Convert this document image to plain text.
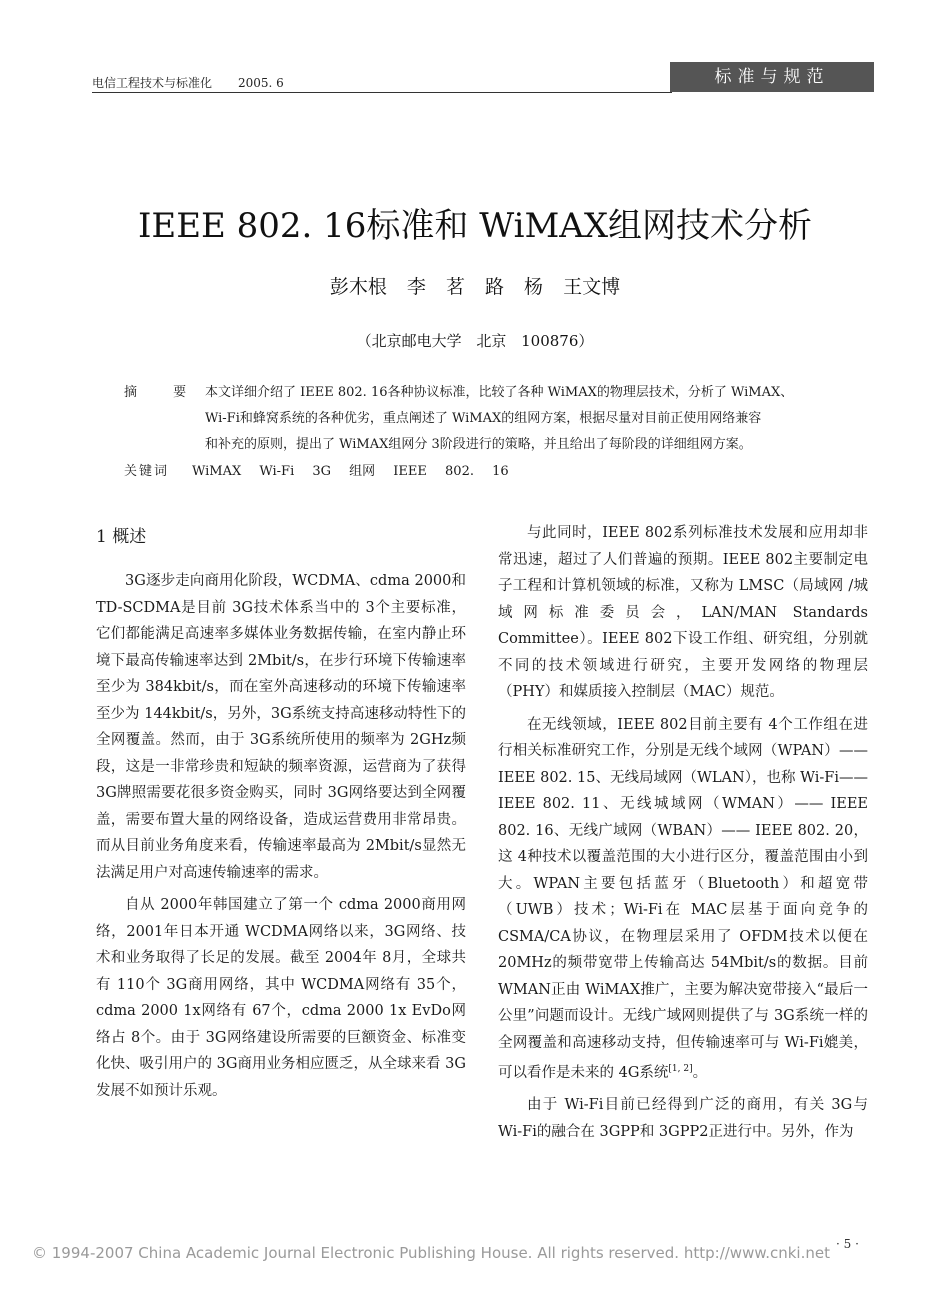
电信工程技术与标准化 2005. 6	标准与规范
IEEE 802. 16标准和 WiMAX组网技术分析
彭木根 李 茗 路 杨 王文博
（北京邮电大学 北京 100876）
摘 要 本文详细介绍了 IEEE 802. 16各种协议标准，比较了各种 WiMAX的物理层技术，分析了 WiMAX、
Wi-Fi和蜂窝系统的各种优劣，重点阐述了 WiMAX的组网方案，根据尽量对目前正使用网络兼容
和补充的原则，提出了 WiMAX组网分 3阶段进行的策略，并且给出了每阶段的详细组网方案。
关键词 WiMAX Wi-Fi 3G 组网 IEEE 802. 16
1 概述

3G逐步走向商用化阶段，WCDMA、cdma 2000和 TD-SCDMA是目前 3G技术体系当中的 3个主要标准，它们都能满足高速率多媒体业务数据传输，在室内静止环境下最高传输速率达到 2Mbit/s，在步行环境下传输速率至少为 384kbit/s，而在室外高速移动的环境下传输速率至少为 144kbit/s，另外，3G系统支持高速移动特性下的全网覆盖。然而，由于 3G系统所使用的频率为 2GHz频段，这是一非常珍贵和短缺的频率资源，运营商为了获得 3G牌照需要花很多资金购买，同时 3G网络要达到全网覆盖，需要布置大量的网络设备，造成运营费用非常昂贵。而从目前业务角度来看，传输速率最高为 2Mbit/s显然无法满足用户对高速传输速率的需求。

自从 2000年韩国建立了第一个 cdma 2000商用网络，2001年日本开通 WCDMA网络以来，3G网络、技术和业务取得了长足的发展。截至 2004年 8月，全球共有 110个 3G商用网络，其中 WCDMA网络有 35个，cdma 2000 1x网络有 67个，cdma 2000 1x EvDo网络占 8个。由于 3G网络建设所需要的巨额资金、标准变化快、吸引用户的 3G商用业务相应匮乏，从全球来看 3G发展不如预计乐观。

与此同时，IEEE 802系列标准技术发展和应用却非常迅速，超过了人们普遍的预期。IEEE 802主要制定电子工程和计算机领域的标准，又称为 LMSC（局域网 /城域网标准委员会，LAN/MAN Standards Committee）。IEEE 802下设工作组、研究组，分别就不同的技术领域进行研究，主要开发网络的物理层（PHY）和媒质接入控制层（MAC）规范。

在无线领域，IEEE 802目前主要有 4个工作组在进行相关标准研究工作，分别是无线个域网（WPAN）—— IEEE 802. 15、无线局域网（WLAN），也称 Wi-Fi—— IEEE 802. 11、无线城域网（WMAN）—— IEEE 802. 16、无线广域网（WBAN）—— IEEE 802. 20，这 4种技术以覆盖范围的大小进行区分，覆盖范围由小到大。WPAN主要包括蓝牙（Bluetooth）和超宽带（UWB）技术；Wi-Fi在 MAC层基于面向竞争的 CSMA/CA协议，在物理层采用了 OFDM技术以便在 20MHz的频带宽带上传输高达 54Mbit/s的数据。目前 WMAN正由 WiMAX推广，主要为解决宽带接入“最后一公里”问题而设计。无线广域网则提供了与 3G系统一样的全网覆盖和高速移动支持，但传输速率可与 Wi-Fi媲美，可以看作是未来的 4G系统[1, 2]。

由于 Wi-Fi目前已经得到广泛的商用，有关 3G与 Wi-Fi的融合在 3GPP和 3GPP2正进行中。另外，作为

© 1994-2007 China Academic Journal Electronic Publishing House. All rights reserved. http://www.cnki.net · 5 ·
